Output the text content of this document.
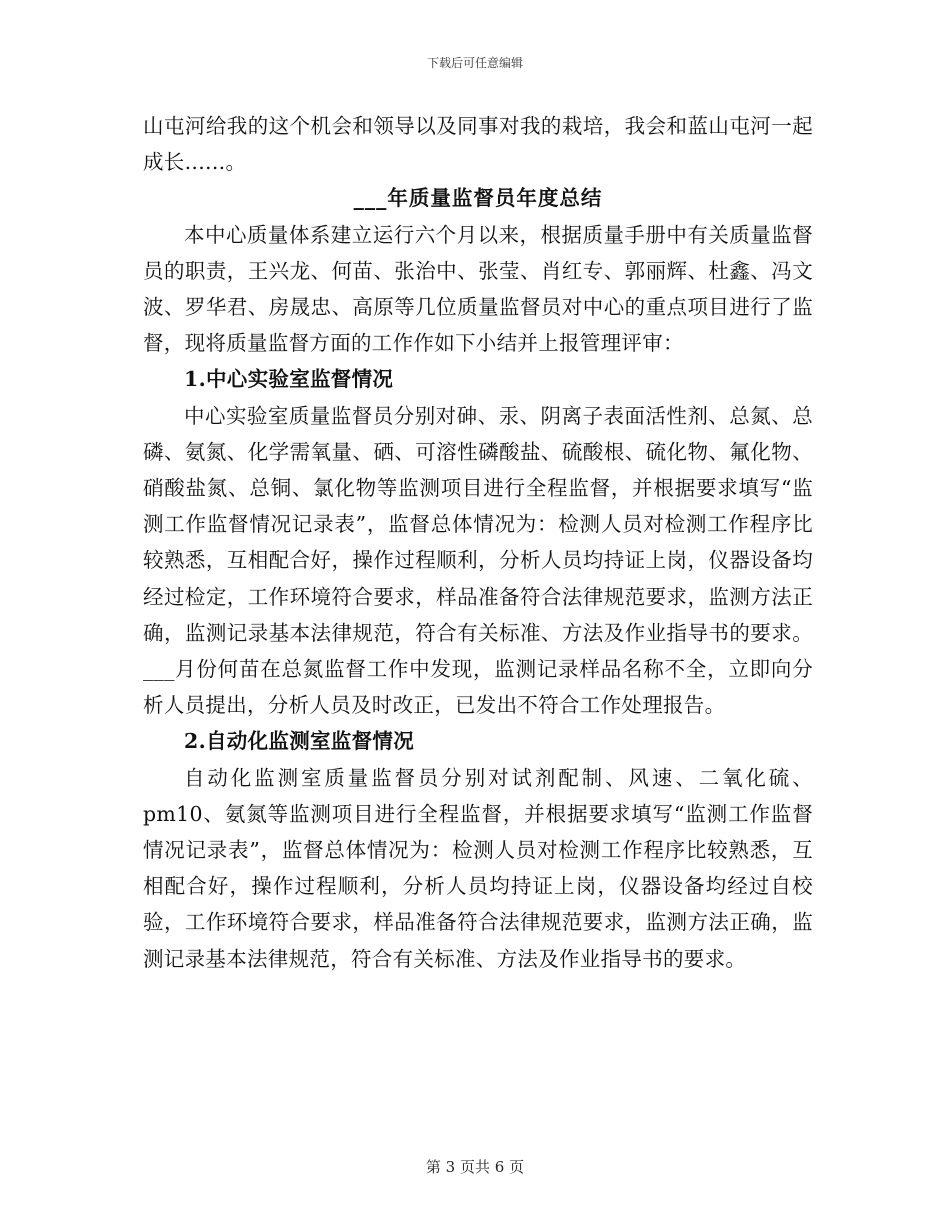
下载后可任意编辑

山屯河给我的这个机会和领导以及同事对我的栽培，我会和蓝山屯河一起成长......。

___年质量监督员年度总结

本中心质量体系建立运行六个月以来，根据质量手册中有关质量监督员的职责，王兴龙、何苗、张治中、张莹、肖红专、郭丽辉、杜鑫、冯文波、罗华君、房晟忠、高原等几位质量监督员对中心的重点项目进行了监督，现将质量监督方面的工作作如下小结并上报管理评审：

1.中心实验室监督情况

中心实验室质量监督员分别对砷、汞、阴离子表面活性剂、总氮、总磷、氨氮、化学需氧量、硒、可溶性磷酸盐、硫酸根、硫化物、氟化物、硝酸盐氮、总铜、氯化物等监测项目进行全程监督，并根据要求填写“监测工作监督情况记录表”，监督总体情况为：检测人员对检测工作程序比较熟悉，互相配合好，操作过程顺利，分析人员均持证上岗，仪器设备均经过检定，工作环境符合要求，样品准备符合法律规范要求，监测方法正确，监测记录基本法律规范，符合有关标准、方法及作业指导书的要求。___月份何苗在总氮监督工作中发现，监测记录样品名称不全，立即向分析人员提出，分析人员及时改正，已发出不符合工作处理报告。

2.自动化监测室监督情况

自动化监测室质量监督员分别对试剂配制、风速、二氧化硫、pm10、氨氮等监测项目进行全程监督，并根据要求填写“监测工作监督情况记录表”，监督总体情况为：检测人员对检测工作程序比较熟悉，互相配合好，操作过程顺利，分析人员均持证上岗，仪器设备均经过自校验，工作环境符合要求，样品准备符合法律规范要求，监测方法正确，监测记录基本法律规范，符合有关标准、方法及作业指导书的要求。

第 3 页共 6 页
